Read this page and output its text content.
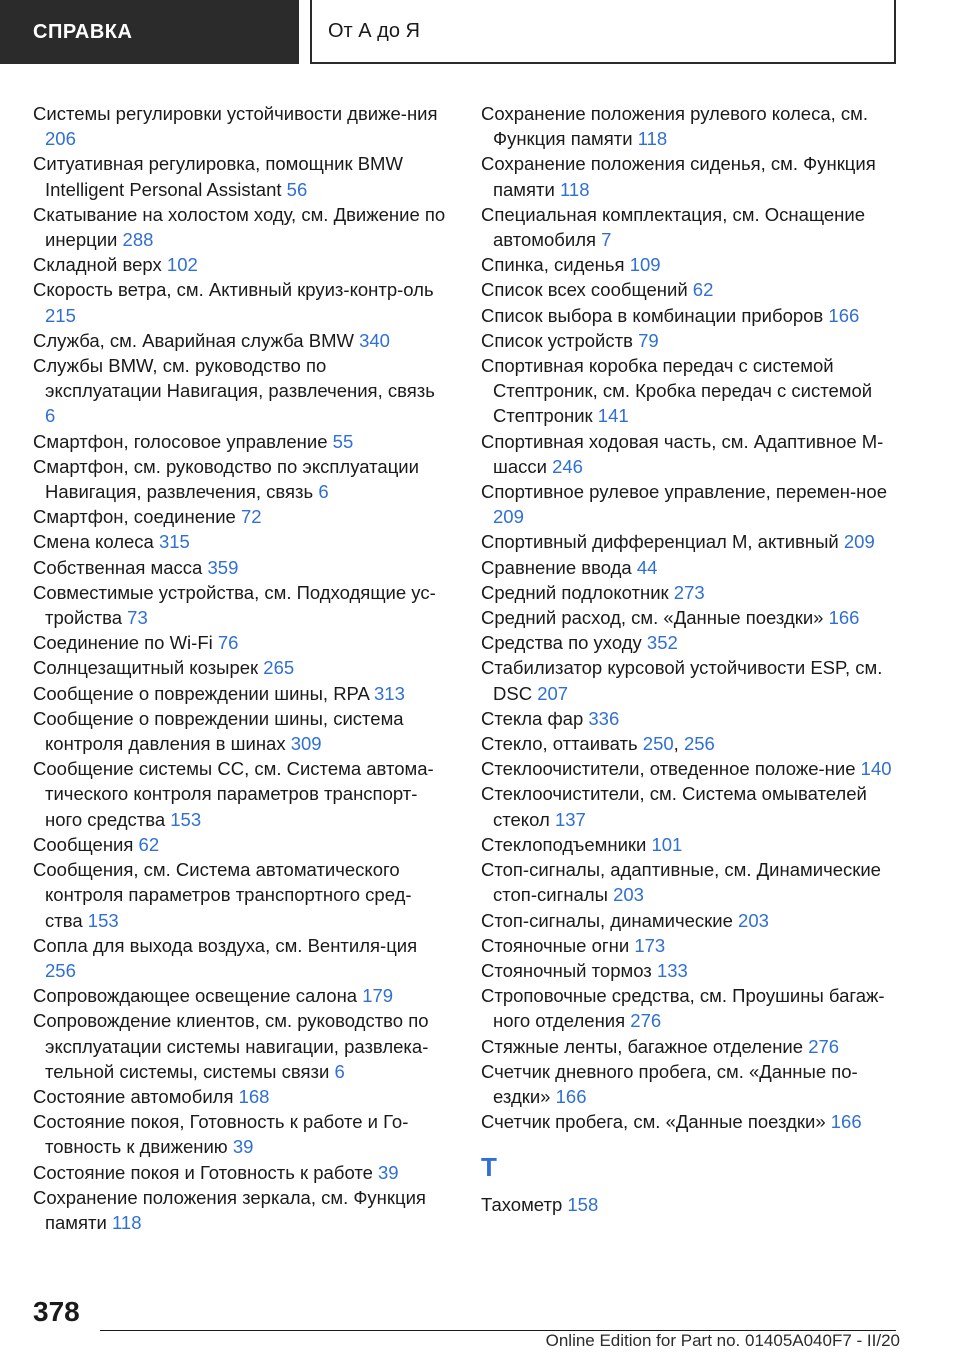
СПРАВКА	От А до Я
Системы регулировки устойчивости движе-ния 206
Ситуативная регулировка, помощник BMW Intelligent Personal Assistant 56
Скатывание на холостом ходу, см. Движение по инерции 288
Складной верх 102
Скорость ветра, см. Активный круиз-контр-оль 215
Служба, см. Аварийная служба BMW 340
Службы BMW, см. руководство по эксплуатации Навигация, развлечения, связь 6
Смартфон, голосовое управление 55
Смартфон, см. руководство по эксплуатации Навигация, развлечения, связь 6
Смартфон, соединение 72
Смена колеса 315
Собственная масса 359
Совместимые устройства, см. Подходящие ус-тройства 73
Соединение по Wi-Fi 76
Солнцезащитный козырек 265
Сообщение о повреждении шины, RPA 313
Сообщение о повреждении шины, система контроля давления в шинах 309
Сообщение системы CC, см. Система автома-тического контроля параметров транспорт-ного средства 153
Сообщения 62
Сообщения, см. Система автоматического контроля параметров транспортного сред-ства 153
Сопла для выхода воздуха, см. Вентиля-ция 256
Сопровождающее освещение салона 179
Сопровождение клиентов, см. руководство по эксплуатации системы навигации, развлека-тельной системы, системы связи 6
Состояние автомобиля 168
Состояние покоя, Готовность к работе и Го-товность к движению 39
Состояние покоя и Готовность к работе 39
Сохранение положения зеркала, см. Функция памяти 118
Сохранение положения рулевого колеса, см. Функция памяти 118
Сохранение положения сиденья, см. Функция памяти 118
Специальная комплектация, см. Оснащение автомобиля 7
Спинка, сиденья 109
Список всех сообщений 62
Список выбора в комбинации приборов 166
Список устройств 79
Спортивная коробка передач с системой Стептроник, см. Кробка передач с системой Стептроник 141
Спортивная ходовая часть, см. Адаптивное M-шасси 246
Спортивное рулевое управление, перемен-ное 209
Спортивный дифференциал M, активный 209
Сравнение ввода 44
Средний подлокотник 273
Средний расход, см. «Данные поездки» 166
Средства по уходу 352
Стабилизатор курсовой устойчивости ESP, см. DSC 207
Стекла фар 336
Стекло, оттаивать 250, 256
Стеклоочистители, отведенное положе-ние 140
Стеклоочистители, см. Система омывателей стекол 137
Стеклоподъемники 101
Стоп-сигналы, адаптивные, см. Динамические стоп-сигналы 203
Стоп-сигналы, динамические 203
Стояночные огни 173
Стояночный тормоз 133
Строповочные средства, см. Проушины багаж-ного отделения 276
Стяжные ленты, багажное отделение 276
Счетчик дневного пробега, см. «Данные по-ездки» 166
Счетчик пробега, см. «Данные поездки» 166
Т
Тахометр 158
378
Online Edition for Part no. 01405A040F7 - II/20
